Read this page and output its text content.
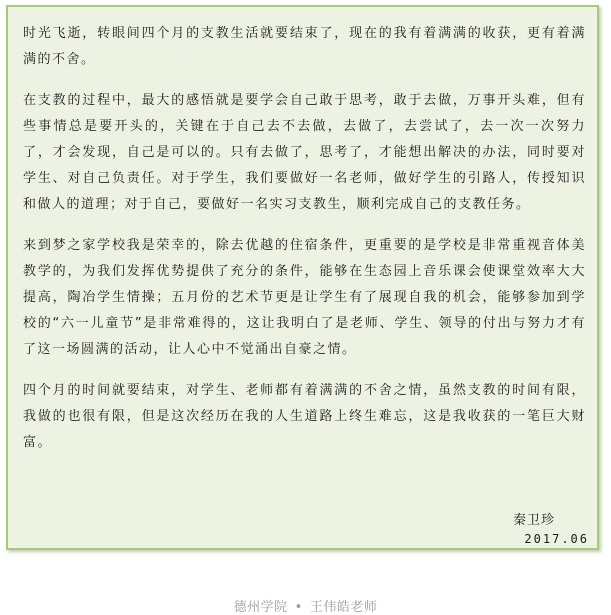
时光飞逝，转眼间四个月的支教生活就要结束了，现在的我有着满满的收获，更有着满满的不舍。

在支教的过程中，最大的感悟就是要学会自己敢于思考，敢于去做，万事开头难，但有些事情总是要开头的，关键在于自己去不去做，去做了，去尝试了，去一次一次努力了，才会发现，自己是可以的。只有去做了，思考了，才能想出解决的办法，同时要对学生、对自己负责任。对于学生，我们要做好一名老师，做好学生的引路人，传授知识和做人的道理；对于自己，要做好一名实习支教生，顺利完成自己的支教任务。

来到梦之家学校我是荣幸的，除去优越的住宿条件，更重要的是学校是非常重视音体美教学的，为我们发挥优势提供了充分的条件，能够在生态园上音乐课会使课堂效率大大提高，陶冶学生情操；五月份的艺术节更是让学生有了展现自我的机会，能够参加到学校的“六一儿童节”是非常难得的，这让我明白了是老师、学生、领导的付出与努力才有了这一场圆满的活动，让人心中不觉涌出自豪之情。

四个月的时间就要结束，对学生、老师都有着满满的不舍之情，虽然支教的时间有限，我做的也很有限，但是这次经历在我的人生道路上终生难忘，这是我收获的一笔巨大财富。

秦卫珍
2017.06
德州学院 • 王伟皓老师
